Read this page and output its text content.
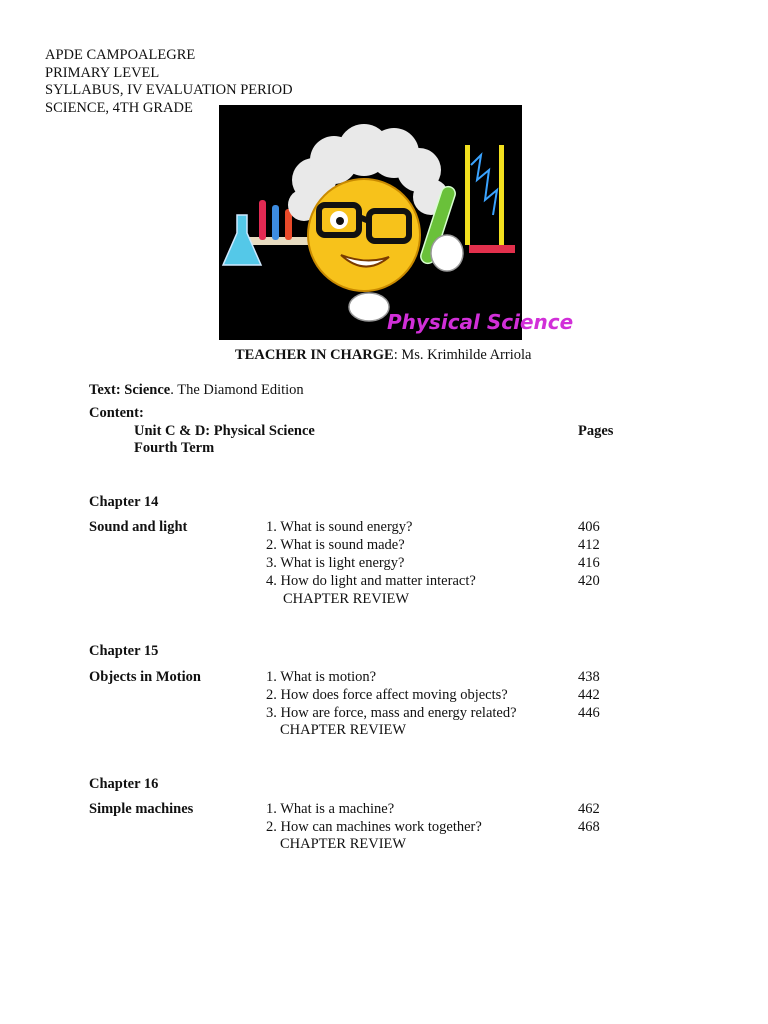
APDE CAMPOALEGRE
PRIMARY LEVEL
SYLLABUS, IV EVALUATION PERIOD
SCIENCE, 4TH GRADE
Physical Science
TEACHER IN CHARGE: Ms. Krimhilde Arriola
Text: Science. The Diamond Edition
Content:
Unit C & D: Physical Science
Fourth Term
Pages
Chapter 14
Sound and light	1. What is sound energy?	406
2. What is sound made?	412
3. What is light energy?	416
4. How do light and matter interact?	420
CHAPTER REVIEW
Chapter 15
Objects in Motion	1. What is motion?	438
2. How does force affect moving objects?	442
3. How are force, mass and energy related?	446
CHAPTER REVIEW
Chapter 16
Simple machines	1. What is a machine?	462
2. How can machines work together?	468
CHAPTER REVIEW
